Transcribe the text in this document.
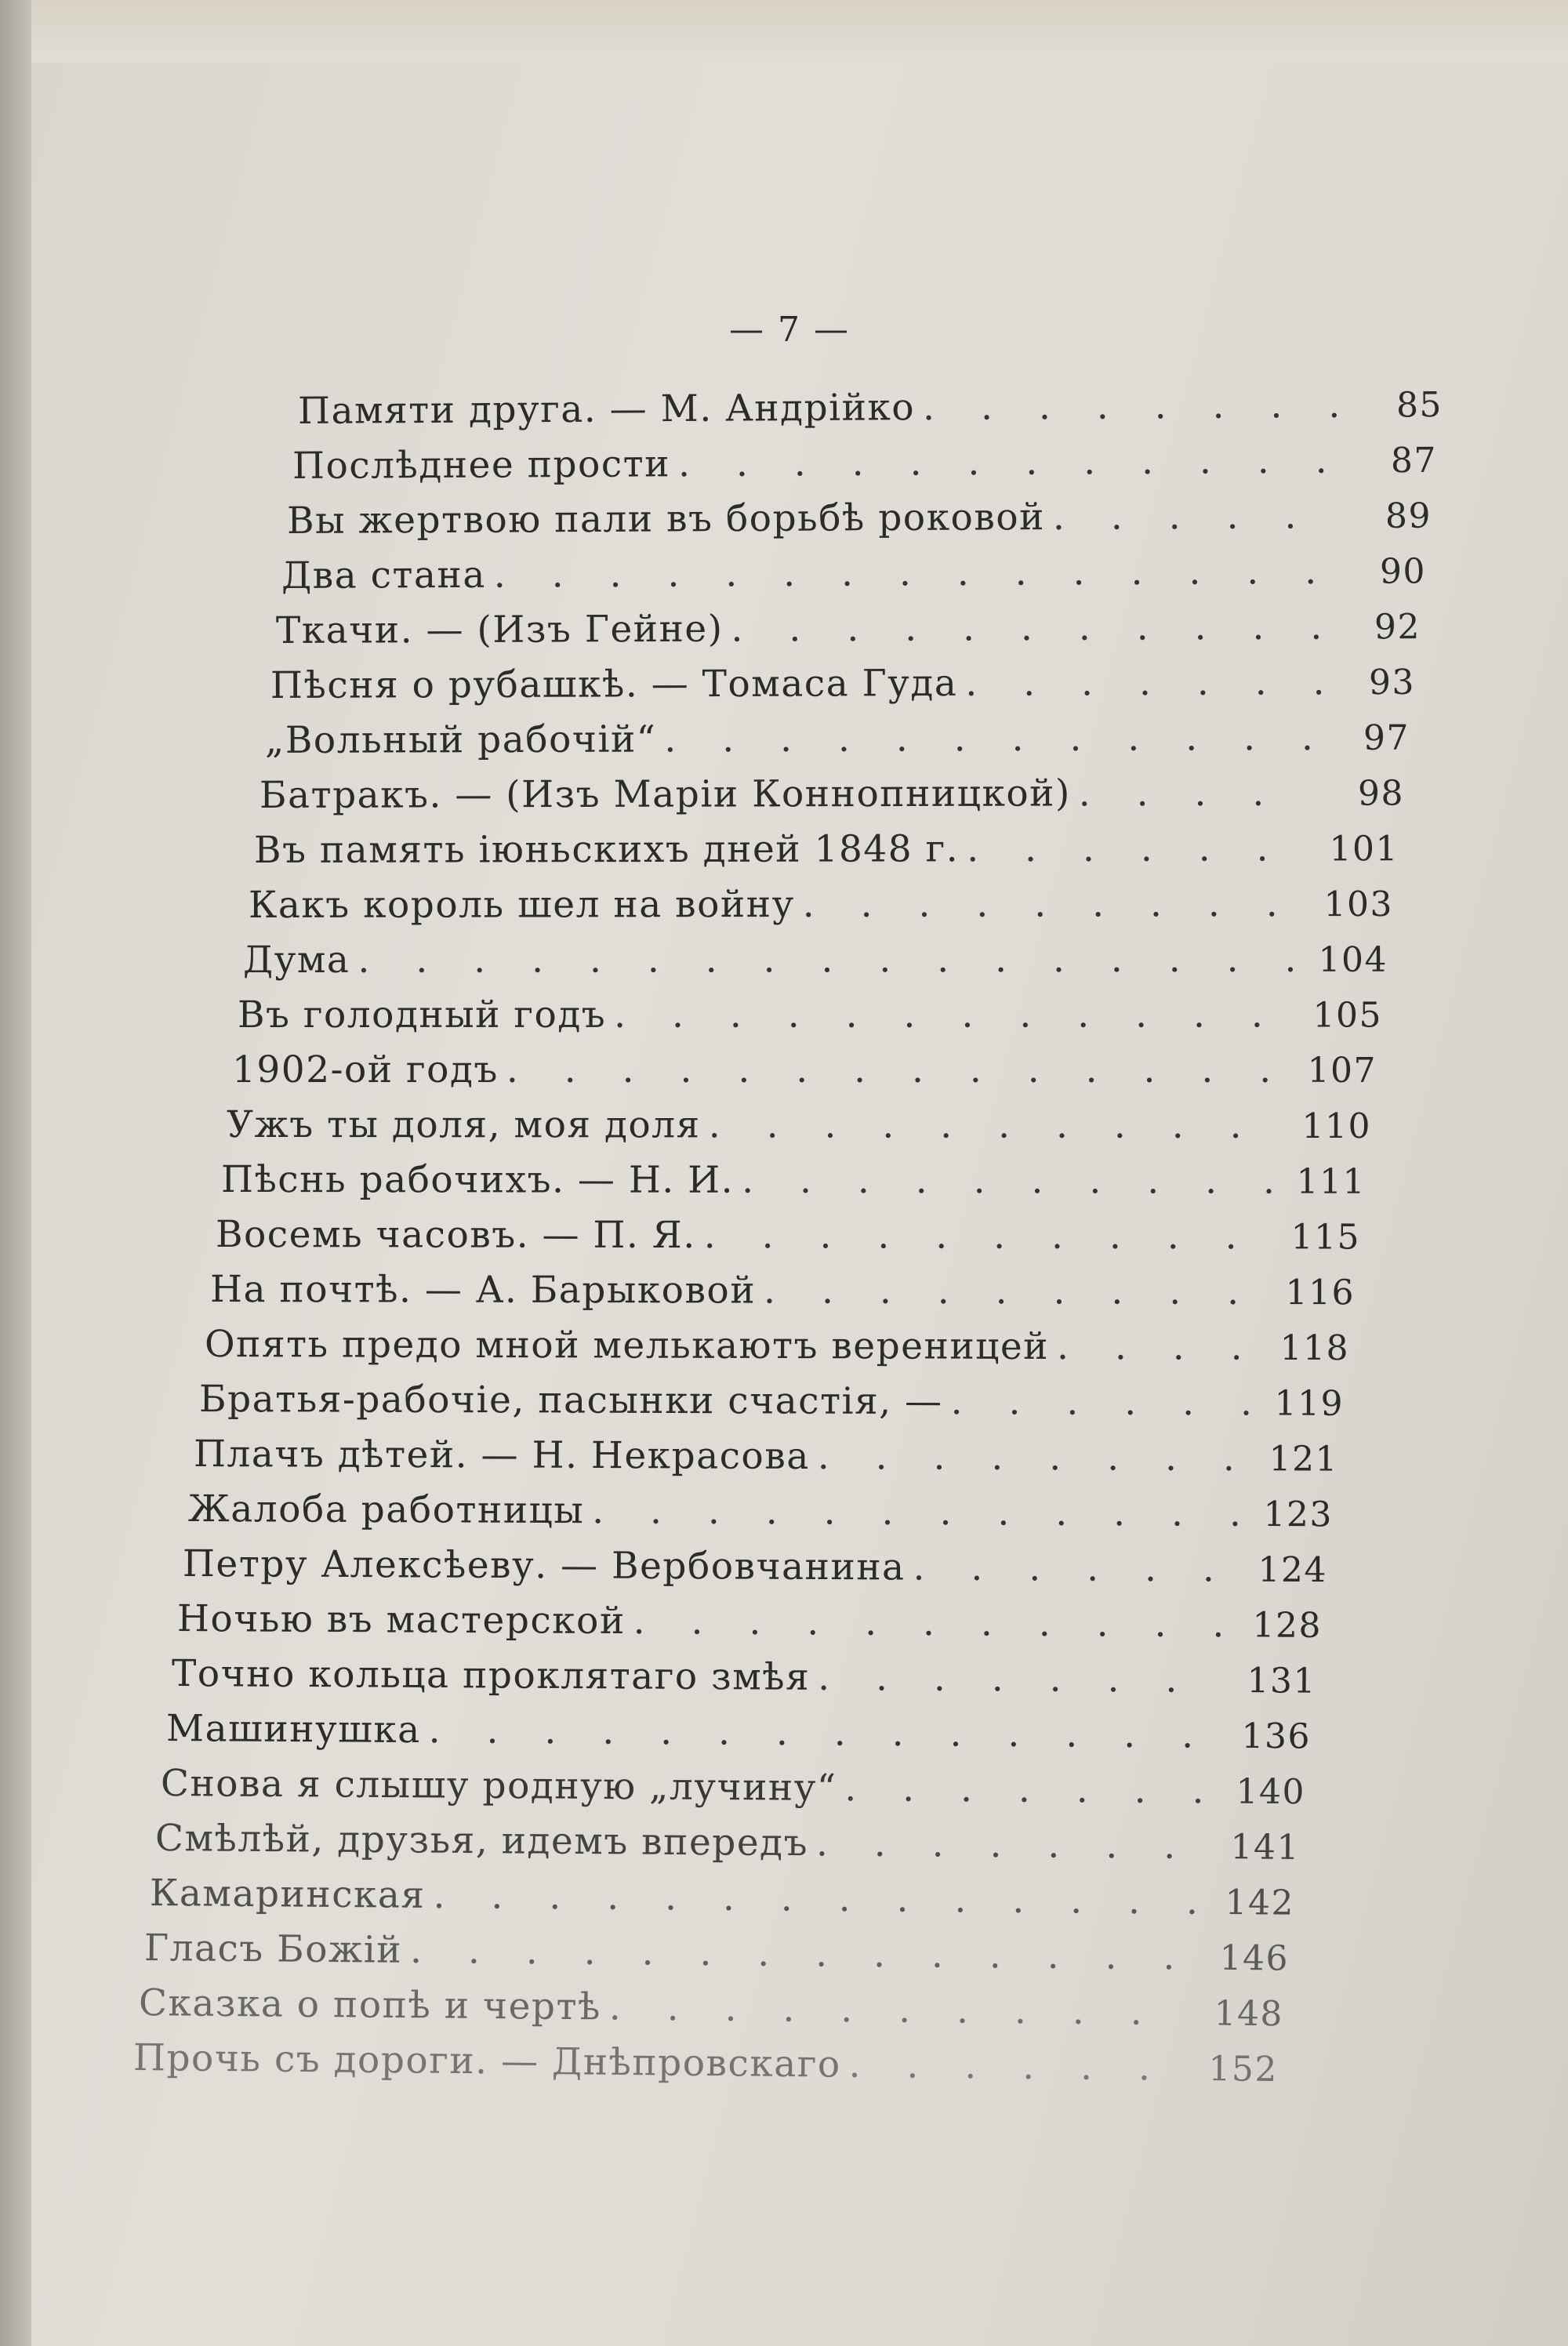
— 7 —
Памяти друга. — М. Андрійко . . .	85
Послѣднее прости . . .	87
Вы жертвою пали въ борьбѣ роковой . . .	89
Два стана . . .	90
Ткачи. — (Изъ Гейне) . . .	92
Пѣсня о рубашкѣ. — Томаса Гуда . . .	93
„Вольный рабочій“ . . .	97
Батракъ. — (Изъ Маріи Коннопницкой) . . .	98
Въ память іюньскихъ дней 1848 г. . . .	101
Какъ король шел на войну . . .	103
Дума . . .	104
Въ голодный годъ . . .	105
1902-ой годъ . . .	107
Ужъ ты доля, моя доля . . .	110
Пѣснь рабочихъ. — Н. И. . . .	111
Восемь часовъ. — П. Я. . . .	115
На почтѣ. — А. Барыковой . . .	116
Опять предо мной мелькаютъ вереницей . . .	118
Братья-рабочіе, пасынки счастія, — . . .	119
Плачъ дѣтей. — Н. Некрасова . . .	121
Жалоба работницы . . .	123
Петру Алексѣеву. — Вербовчанина . . .	124
Ночью въ мастерской . . .	128
Точно кольца проклятаго змѣя . . .	131
Машинушка . . .	136
Снова я слышу родную „лучину“ . . .	140
Смѣлѣй, друзья, идемъ впередъ . . .	141
Камаринская . . .	142
Гласъ Божій . . .	146
Сказка о попѣ и чертѣ . . .	148
Прочь съ дороги. — Днѣпровскаго . . .	152
